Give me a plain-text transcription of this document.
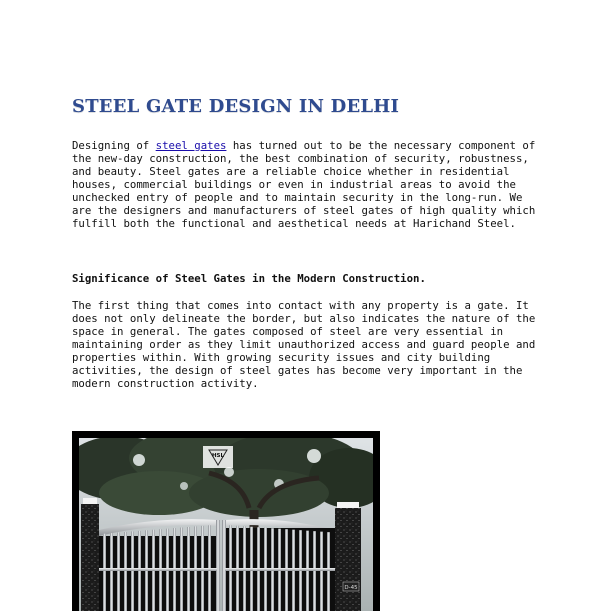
STEEL GATE DESIGN IN DELHI

Designing of steel gates has turned out to be the necessary component of the new-day construction, the best combination of security, robustness, and beauty. Steel gates are a reliable choice whether in residential houses, commercial buildings or even in industrial areas to avoid the unchecked entry of people and to maintain security in the long-run. We are the designers and manufacturers of steel gates of high quality which fulfill both the functional and aesthetical needs at Haricha​nd Steel.

Significance of Steel Gates in the Modern Construction.

The first thing that comes into contact with any property is a gate. It does not only delineate the border, but also indicates the nature of the space in general. The gates composed of steel are very essential in maintaining order as they limit unauthorized access and guard people and properties within. With growing security issues and city building activities, the design of steel gates has become very important in the modern construction activity.

HSL
D-45
